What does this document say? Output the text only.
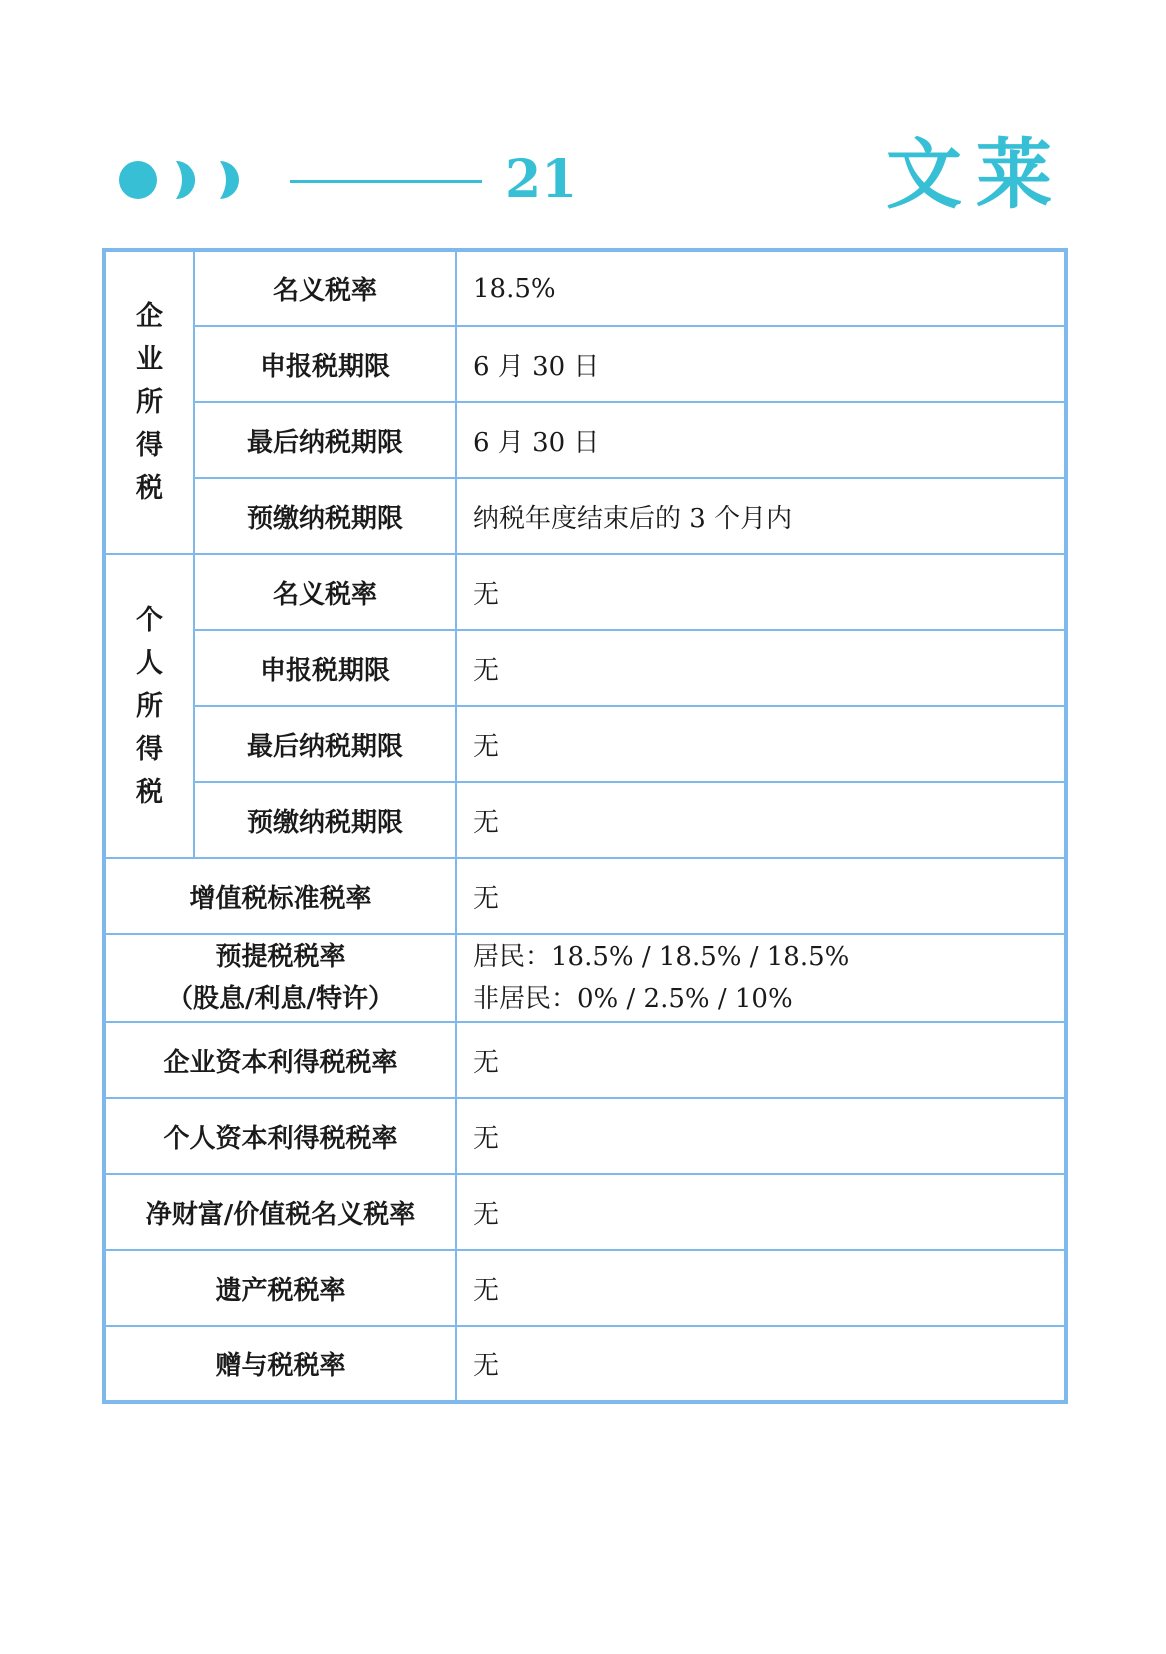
21	文莱
企业所得税	名义税率	18.5%
	申报税期限	6 月 30 日
	最后纳税期限	6 月 30 日
	预缴纳税期限	纳税年度结束后的 3 个月内
个人所得税	名义税率	无
	申报税期限	无
	最后纳税期限	无
	预缴纳税期限	无
增值税标准税率		无

预提税税率
（股息/利息/特许）		居民：18.5% / 18.5% / 18.5%
非居民：0% / 2.5% / 10%

企业资本利得税税率		无
个人资本利得税税率		无
净财富/价值税名义税率		无
遗产税税率		无
赠与税税率		无
